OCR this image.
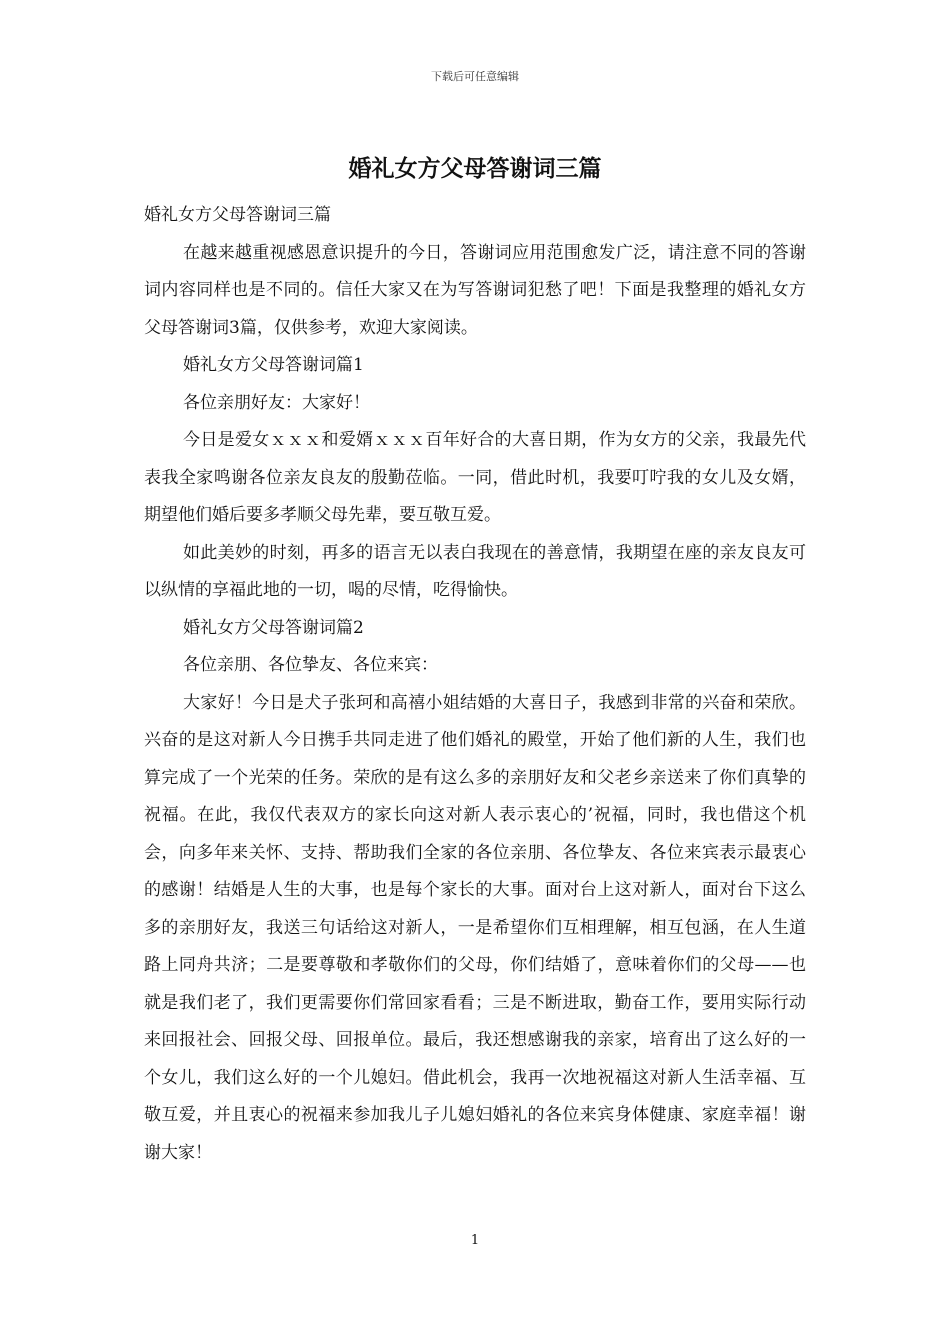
下载后可任意编辑
婚礼女方父母答谢词三篇

婚礼女方父母答谢词三篇

在越来越重视感恩意识提升的今日，答谢词应用范围愈发广泛，请注意不同的答谢词内容同样也是不同的。信任大家又在为写答谢词犯愁了吧！下面是我整理的婚礼女方父母答谢词3篇，仅供参考，欢迎大家阅读。

婚礼女方父母答谢词篇1

各位亲朋好友：大家好！

今日是爱女ｘｘｘ和爱婿ｘｘｘ百年好合的大喜日期，作为女方的父亲，我最先代表我全家鸣谢各位亲友良友的殷勤莅临。一同，借此时机，我要叮咛我的女儿及女婿，期望他们婚后要多孝顺父母先辈，要互敬互爱。

如此美妙的时刻，再多的语言无以表白我现在的善意情，我期望在座的亲友良友可以纵情的享福此地的一切，喝的尽情，吃得愉快。

婚礼女方父母答谢词篇2

各位亲朋、各位挚友、各位来宾：

大家好！今日是犬子张珂和高禧小姐结婚的大喜日子，我感到非常的兴奋和荣欣。兴奋的是这对新人今日携手共同走进了他们婚礼的殿堂，开始了他们新的人生，我们也算完成了一个光荣的任务。荣欣的是有这么多的亲朋好友和父老乡亲送来了你们真挚的祝福。在此，我仅代表双方的家长向这对新人表示衷心的’祝福，同时，我也借这个机会，向多年来关怀、支持、帮助我们全家的各位亲朋、各位挚友、各位来宾表示最衷心的感谢！结婚是人生的大事，也是每个家长的大事。面对台上这对新人，面对台下这么多的亲朋好友，我送三句话给这对新人，一是希望你们互相理解，相互包涵，在人生道路上同舟共济；二是要尊敬和孝敬你们的父母，你们结婚了，意味着你们的父母——也就是我们老了，我们更需要你们常回家看看；三是不断进取，勤奋工作，要用实际行动来回报社会、回报父母、回报单位。最后，我还想感谢我的亲家，培育出了这么好的一个女儿，我们这么好的一个儿媳妇。借此机会，我再一次地祝福这对新人生活幸福、互敬互爱，并且衷心的祝福来参加我儿子儿媳妇婚礼的各位来宾身体健康、家庭幸福！谢谢大家！

1
